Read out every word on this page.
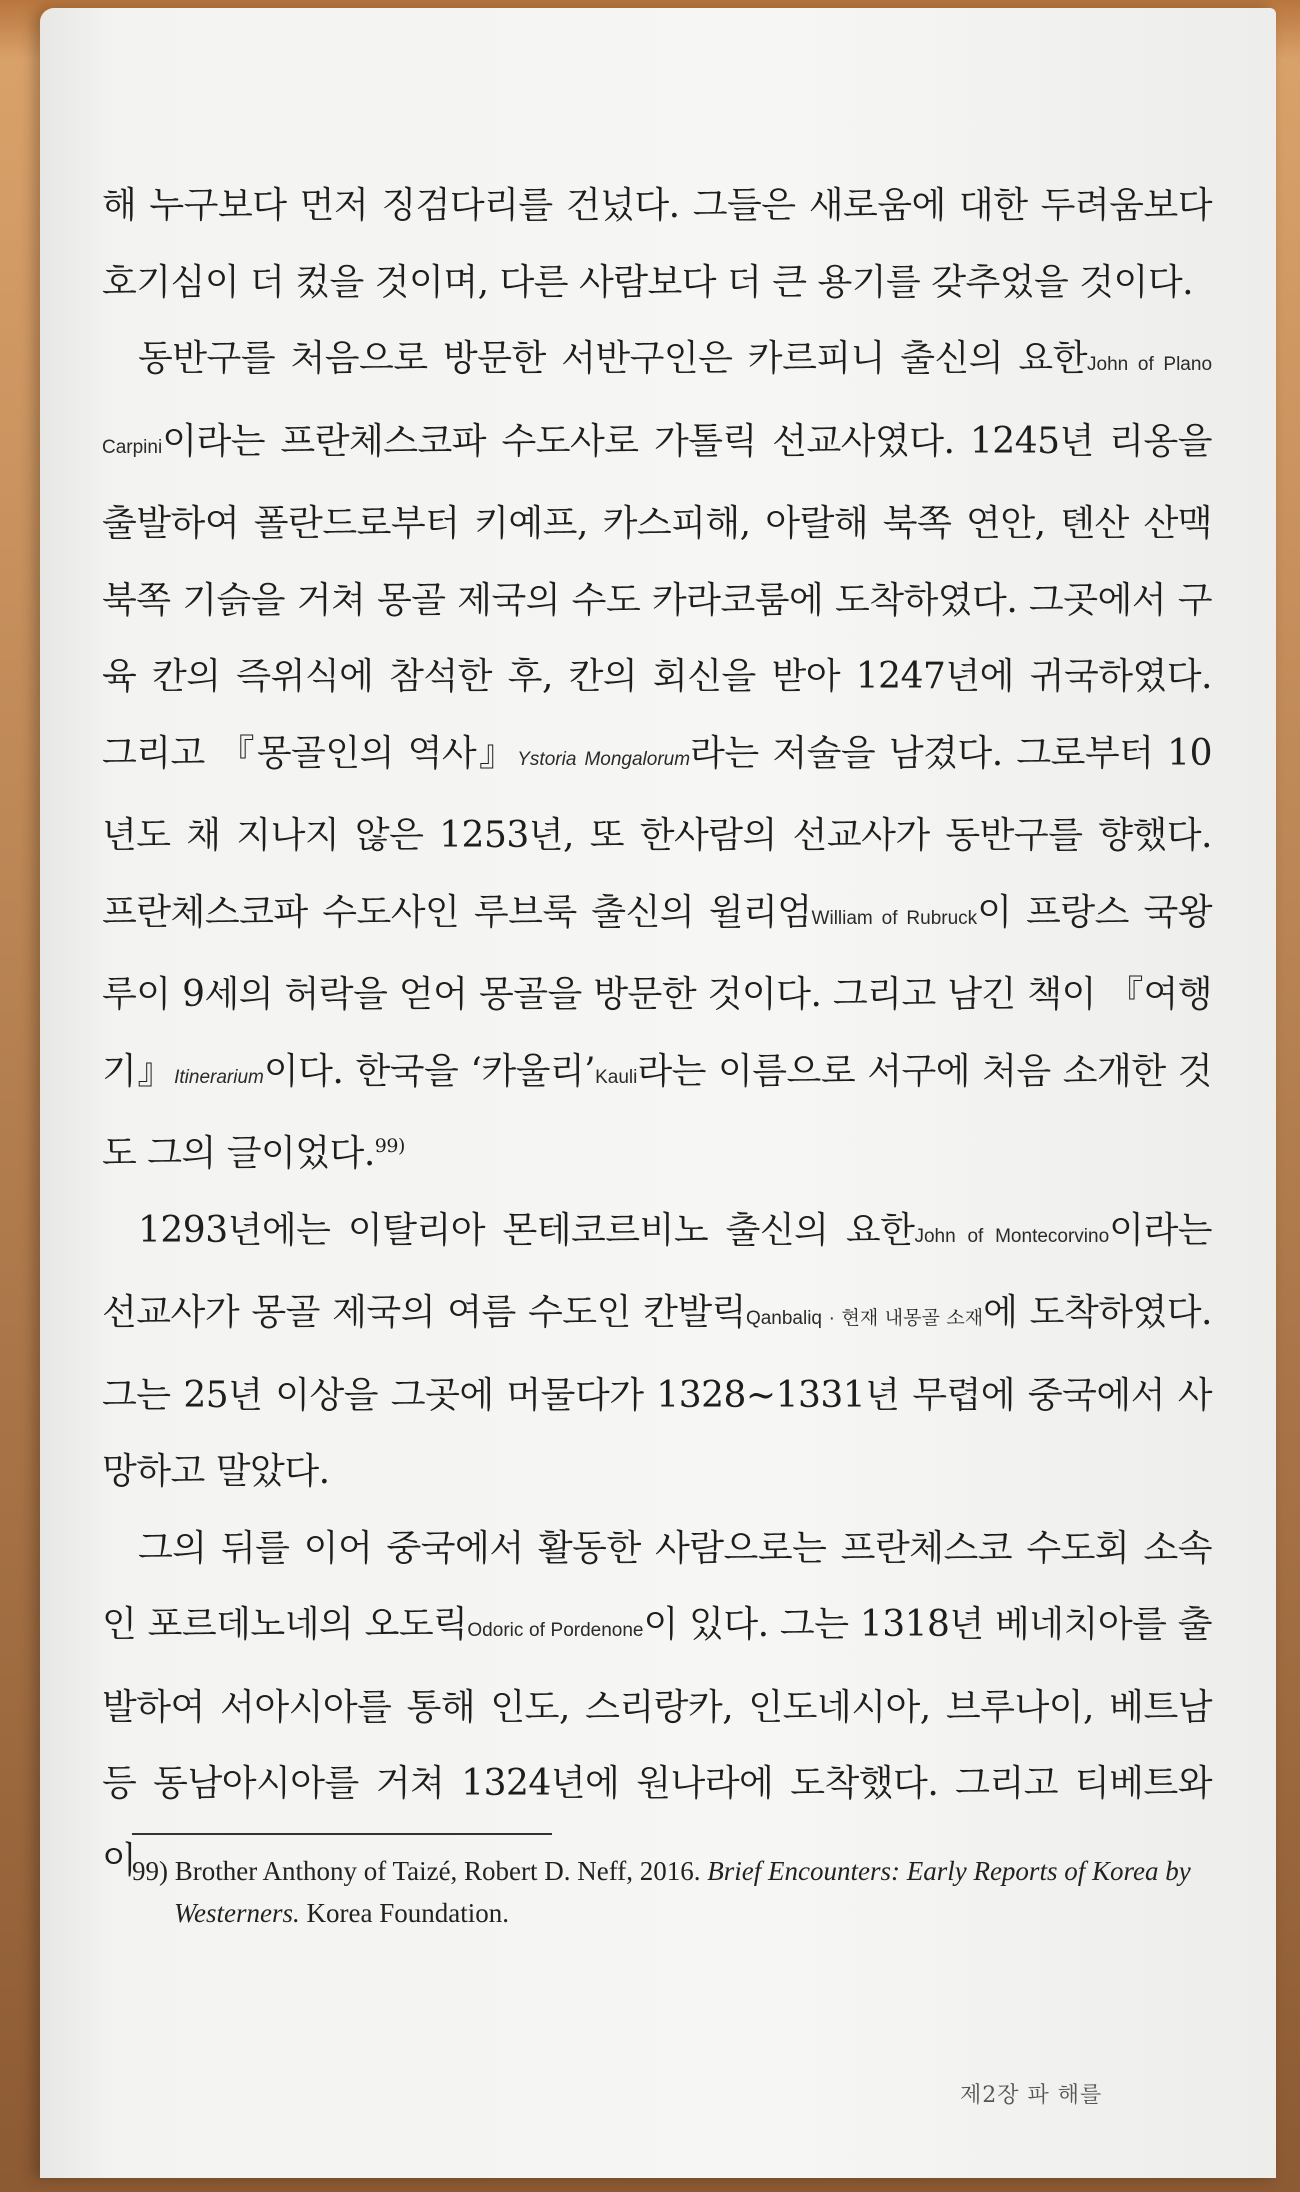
해 누구보다 먼저 징검다리를 건넜다. 그들은 새로움에 대한 두려움보다 호기심이 더 컸을 것이며, 다른 사람보다 더 큰 용기를 갖추었을 것이다.

동반구를 처음으로 방문한 서반구인은 카르피니 출신의 요한John of Plano Carpini이라는 프란체스코파 수도사로 가톨릭 선교사였다. 1245년 리옹을 출발하여 폴란드로부터 키예프, 카스피해, 아랄해 북쪽 연안, 톈산 산맥 북쪽 기슭을 거쳐 몽골 제국의 수도 카라코룸에 도착하였다. 그곳에서 구육 칸의 즉위식에 참석한 후, 칸의 회신을 받아 1247년에 귀국하였다. 그리고 『몽골인의 역사』Ystoria Mongalorum라는 저술을 남겼다. 그로부터 10년도 채 지나지 않은 1253년, 또 한사람의 선교사가 동반구를 향했다. 프란체스코파 수도사인 루브룩 출신의 윌리엄William of Rubruck이 프랑스 국왕 루이 9세의 허락을 얻어 몽골을 방문한 것이다. 그리고 남긴 책이 『여행기』Itinerarium이다. 한국을 ‘카울리’Kauli라는 이름으로 서구에 처음 소개한 것도 그의 글이었다.$^{99)}$

1293년에는 이탈리아 몬테코르비노 출신의 요한John of Montecorvino이라는 선교사가 몽골 제국의 여름 수도인 칸발릭Qanbaliq · 현재 내몽골 소재에 도착하였다. 그는 25년 이상을 그곳에 머물다가 1328~1331년 무렵에 중국에서 사망하고 말았다.

그의 뒤를 이어 중국에서 활동한 사람으로는 프란체스코 수도회 소속인 포르데노네의 오도릭Odoric of Pordenone이 있다. 그는 1318년 베네치아를 출발하여 서아시아를 통해 인도, 스리랑카, 인도네시아, 브루나이, 베트남 등 동남아시아를 거쳐 1324년에 원나라에 도착했다. 그리고 티베트와 이

99) Brother Anthony of Taizé, Robert D. Neff, 2016. Brief Encounters: Early Reports of Korea by Westerners. Korea Foundation.
제2장 파 해를
